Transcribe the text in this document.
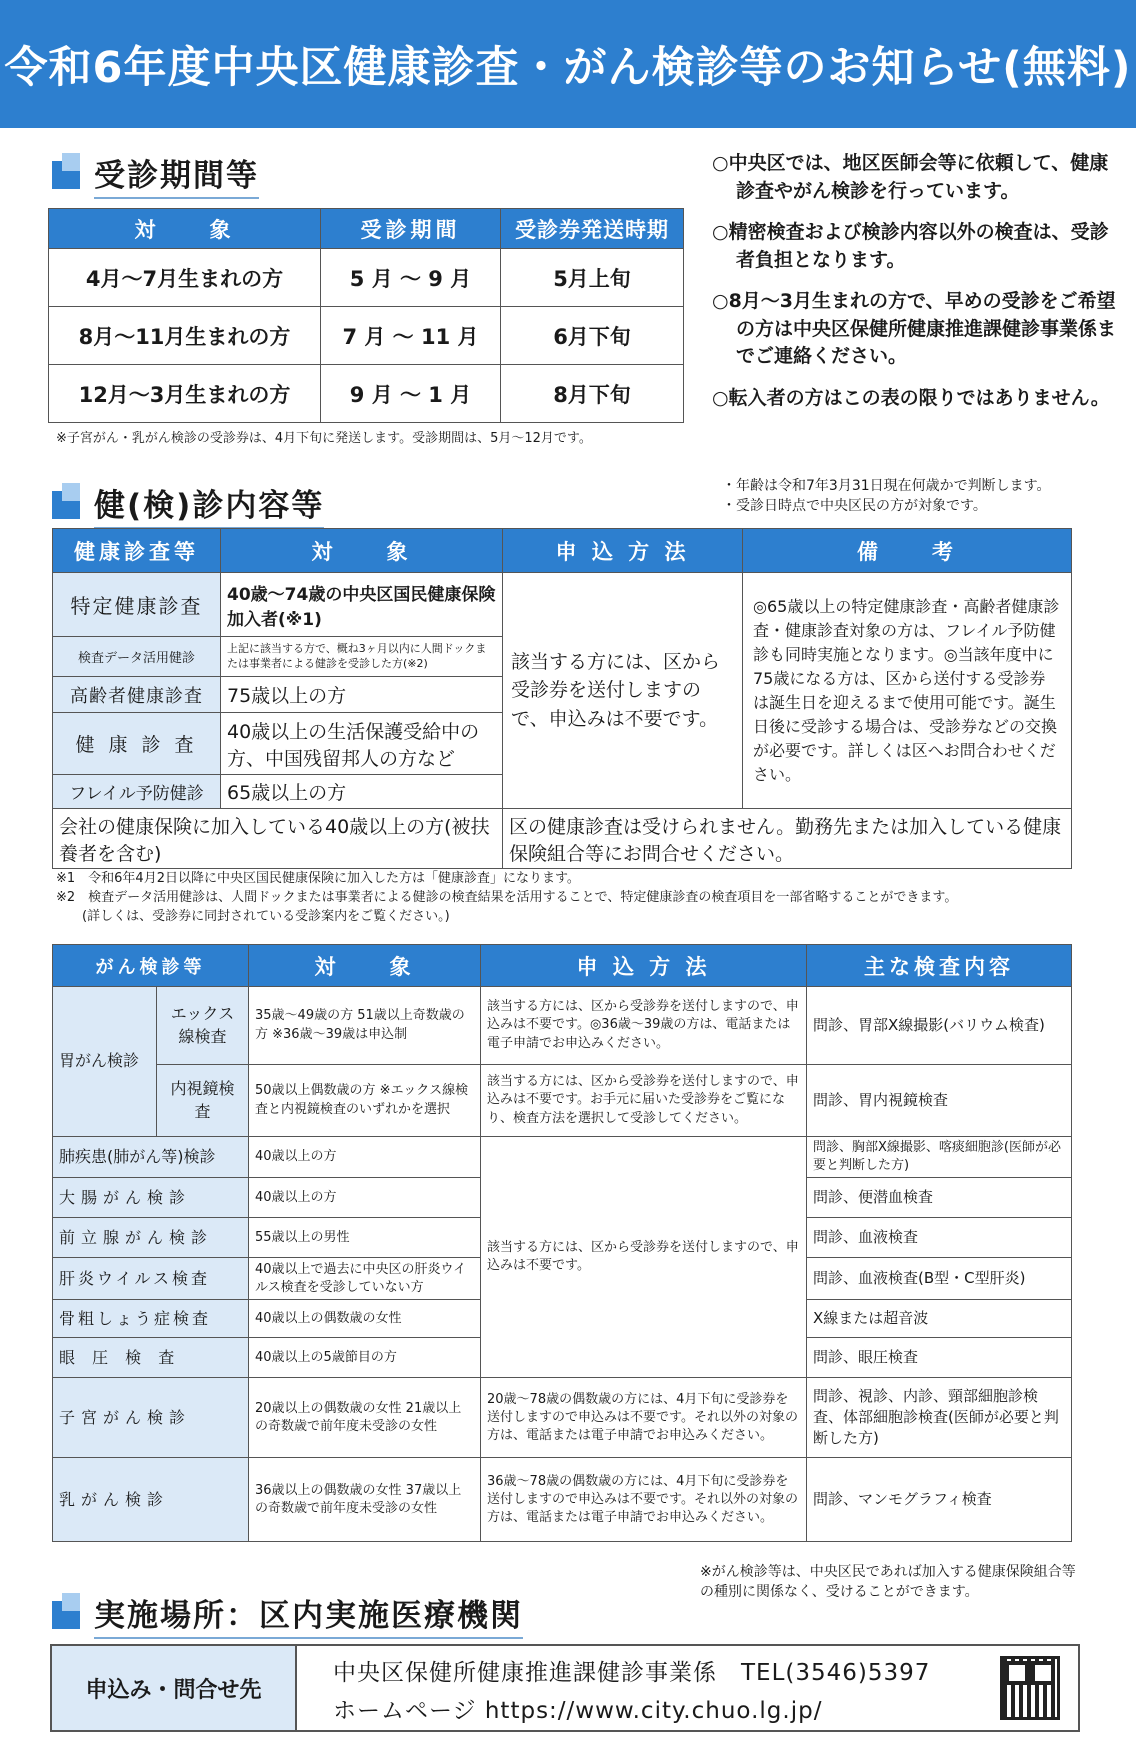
令和6年度中央区健康診査・がん検診等のお知らせ(無料)
受診期間等
対　　象	受診期間	受診券発送時期
4月～7月生まれの方	5 月 ～ 9 月	5月上旬
8月～11月生まれの方	7 月 ～ 11 月	6月下旬
12月～3月生まれの方	9 月 ～ 1 月	8月下旬
※子宮がん・乳がん検診の受診券は、4月下旬に発送します。受診期間は、5月～12月です。

○中央区では、地区医師会等に依頼して、健康診査やがん検診を行っています。

○精密検査および検診内容以外の検査は、受診者負担となります。

○8月～3月生まれの方で、早めの受診をご希望の方は中央区保健所健康推進課健診事業係までご連絡ください。

○転入者の方はこの表の限りではありません。

健(検)診内容等
・年齢は令和7年3月31日現在何歳かで判断します。
・受診日時点で中央区民の方が対象です。
健康診査等	対　　象	申 込 方 法	備　　考
特定健康診査	40歳～74歳の中央区国民健康保険加入者(※1)	該当する方には、区から受診券を送付しますので、申込みは不要です。	◎65歳以上の特定健康診査・高齢者健康診査・健康診査対象の方は、フレイル予防健診も同時実施となります。◎当該年度中に75歳になる方は、区から送付する受診券は誕生日を迎えるまで使用可能です。誕生日後に受診する場合は、受診券などの交換が必要です。詳しくは区へお問合わせください。
検査データ活用健診	上記に該当する方で、概ね3ヶ月以内に人間ドックまたは事業者による健診を受診した方(※2)		
高齢者健康診査	75歳以上の方		
健 康 診 査	40歳以上の生活保護受給中の方、中国残留邦人の方など		
フレイル予防健診	65歳以上の方		
会社の健康保険に加入している40歳以上の方(被扶養者を含む)		区の健康診査は受けられません。勤務先または加入している健康保険組合等にお問合せください。	
※1　令和6年4月2日以降に中央区国民健康保険に加入した方は「健康診査」になります。
※2　検査データ活用健診は、人間ドックまたは事業者による健診の検査結果を活用することで、特定健康診査の検査項目を一部省略することができます。
　　(詳しくは、受診券に同封されている受診案内をご覧ください。)
がん検診等		対　　象	申 込 方 法	主な検査内容
胃がん検診	エックス線検査	35歳～49歳の方 51歳以上奇数歳の方 ※36歳～39歳は申込制	該当する方には、区から受診券を送付しますので、申込みは不要です。◎36歳～39歳の方は、電話または電子申請でお申込みください。	問診、胃部X線撮影(バリウム検査)
	内視鏡検査	50歳以上偶数歳の方 ※エックス線検査と内視鏡検査のいずれかを選択	該当する方には、区から受診券を送付しますので、申込みは不要です。お手元に届いた受診券をご覧になり、検査方法を選択して受診してください。	問診、胃内視鏡検査
肺疾患(肺がん等)検診		40歳以上の方	該当する方には、区から受診券を送付しますので、申込みは不要です。	問診、胸部X線撮影、喀痰細胞診(医師が必要と判断した方)
大腸がん検診		40歳以上の方		問診、便潜血検査
前立腺がん検診		55歳以上の男性		問診、血液検査
肝炎ウイルス検査		40歳以上で過去に中央区の肝炎ウイルス検査を受診していない方		問診、血液検査(B型・C型肝炎)
骨粗しょう症検査		40歳以上の偶数歳の女性		X線または超音波
眼 圧 検 査		40歳以上の5歳節目の方		問診、眼圧検査
子宮がん検診		20歳以上の偶数歳の女性 21歳以上の奇数歳で前年度未受診の女性	20歳～78歳の偶数歳の方には、4月下旬に受診券を送付しますので申込みは不要です。それ以外の対象の方は、電話または電子申請でお申込みください。	問診、視診、内診、頸部細胞診検査、体部細胞診検査(医師が必要と判断した方)
乳がん検診		36歳以上の偶数歳の女性 37歳以上の奇数歳で前年度未受診の女性	36歳～78歳の偶数歳の方には、4月下旬に受診券を送付しますので申込みは不要です。それ以外の対象の方は、電話または電子申請でお申込みください。	問診、マンモグラフィ検査
※がん検診等は、中央区民であれば加入する健康保険組合等の種別に関係なく、受けることができます。
実施場所：区内実施医療機関
申込み・問合せ先
中央区保健所健康推進課健診事業係　TEL(3546)5397
ホームページ https://www.city.chuo.lg.jp/
